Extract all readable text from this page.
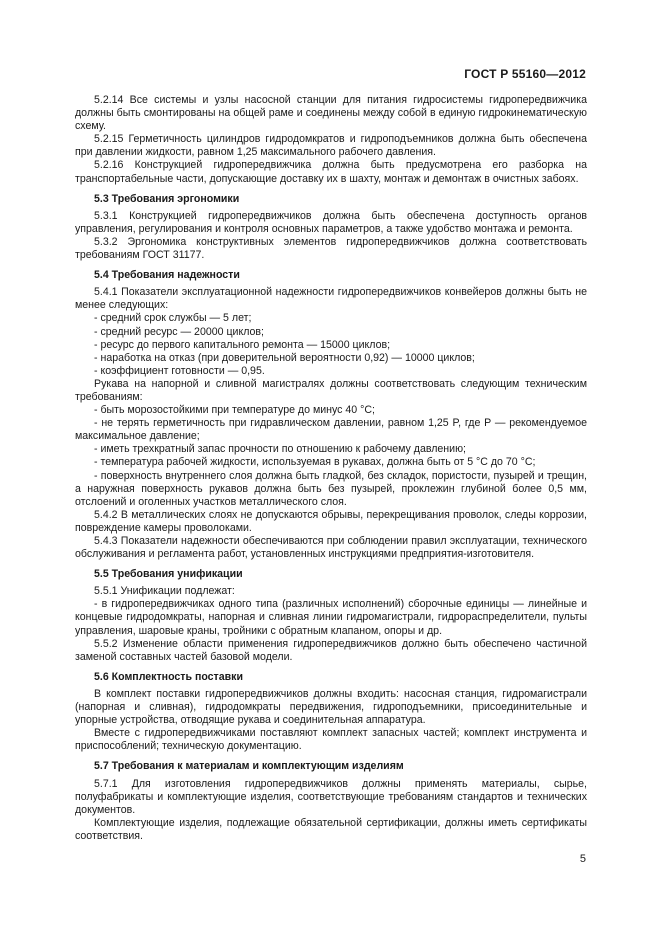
ГОСТ Р 55160—2012

5.2.14 Все системы и узлы насосной станции для питания гидросистемы гидропередвижчика должны быть смонтированы на общей раме и соединены между собой в единую гидрокинематическую схему.

5.2.15 Герметичность цилиндров гидродомкратов и гидроподъемников должна быть обеспечена при давлении жидкости, равном 1,25 максимального рабочего давления.

5.2.16 Конструкцией гидропередвижчика должна быть предусмотрена его разборка на транспортабельные части, допускающие доставку их в шахту, монтаж и демонтаж в очистных забоях.

5.3 Требования эргономики

5.3.1 Конструкцией гидропередвижчиков должна быть обеспечена доступность органов управления, регулирования и контроля основных параметров, а также удобство монтажа и ремонта.

5.3.2 Эргономика конструктивных элементов гидропередвижчиков должна соответствовать требованиям ГОСТ 31177.

5.4 Требования надежности

5.4.1 Показатели эксплуатационной надежности гидропередвижчиков конвейеров должны быть не менее следующих:

- средний срок службы — 5 лет;

- средний ресурс — 20000 циклов;

- ресурс до первого капитального ремонта — 15000 циклов;

- наработка на отказ (при доверительной вероятности 0,92) — 10000 циклов;

- коэффициент готовности — 0,95.

Рукава на напорной и сливной магистралях должны соответствовать следующим техническим требованиям:

- быть морозостойкими при температуре до минус 40 °С;

- не терять герметичность при гидравлическом давлении, равном 1,25 P, где P — рекомендуемое максимальное давление;

- иметь трехкратный запас прочности по отношению к рабочему давлению;

- температура рабочей жидкости, используемая в рукавах, должна быть от 5 °С до 70 °С;

- поверхность внутреннего слоя должна быть гладкой, без складок, пористости, пузырей и трещин, а наружная поверхность рукавов должна быть без пузырей, проклежин глубиной более 0,5 мм, отслоений и оголенных участков металлического слоя.

5.4.2 В металлических слоях не допускаются обрывы, перекрещивания проволок, следы коррозии, повреждение камеры проволоками.

5.4.3 Показатели надежности обеспечиваются при соблюдении правил эксплуатации, технического обслуживания и регламента работ, установленных инструкциями предприятия-изготовителя.

5.5 Требования унификации

5.5.1 Унификации подлежат:

- в гидропередвижчиках одного типа (различных исполнений) сборочные единицы — линейные и концевые гидродомкраты, напорная и сливная линии гидромагистрали, гидрораспределители, пульты управления, шаровые краны, тройники с обратным клапаном, опоры и др.

5.5.2 Изменение области применения гидропередвижчиков должно быть обеспечено частичной заменой составных частей базовой модели.

5.6 Комплектность поставки

В комплект поставки гидропередвижчиков должны входить: насосная станция, гидромагистрали (напорная и сливная), гидродомкраты передвижения, гидроподъемники, присоединительные и упорные устройства, отводящие рукава и соединительная аппаратура.

Вместе с гидропередвижчиками поставляют комплект запасных частей; комплект инструмента и приспособлений; техническую документацию.

5.7 Требования к материалам и комплектующим изделиям

5.7.1 Для изготовления гидропередвижчиков должны применять материалы, сырье, полуфабрикаты и комплектующие изделия, соответствующие требованиям стандартов и технических документов.

Комплектующие изделия, подлежащие обязательной сертификации, должны иметь сертификаты соответствия.

5
